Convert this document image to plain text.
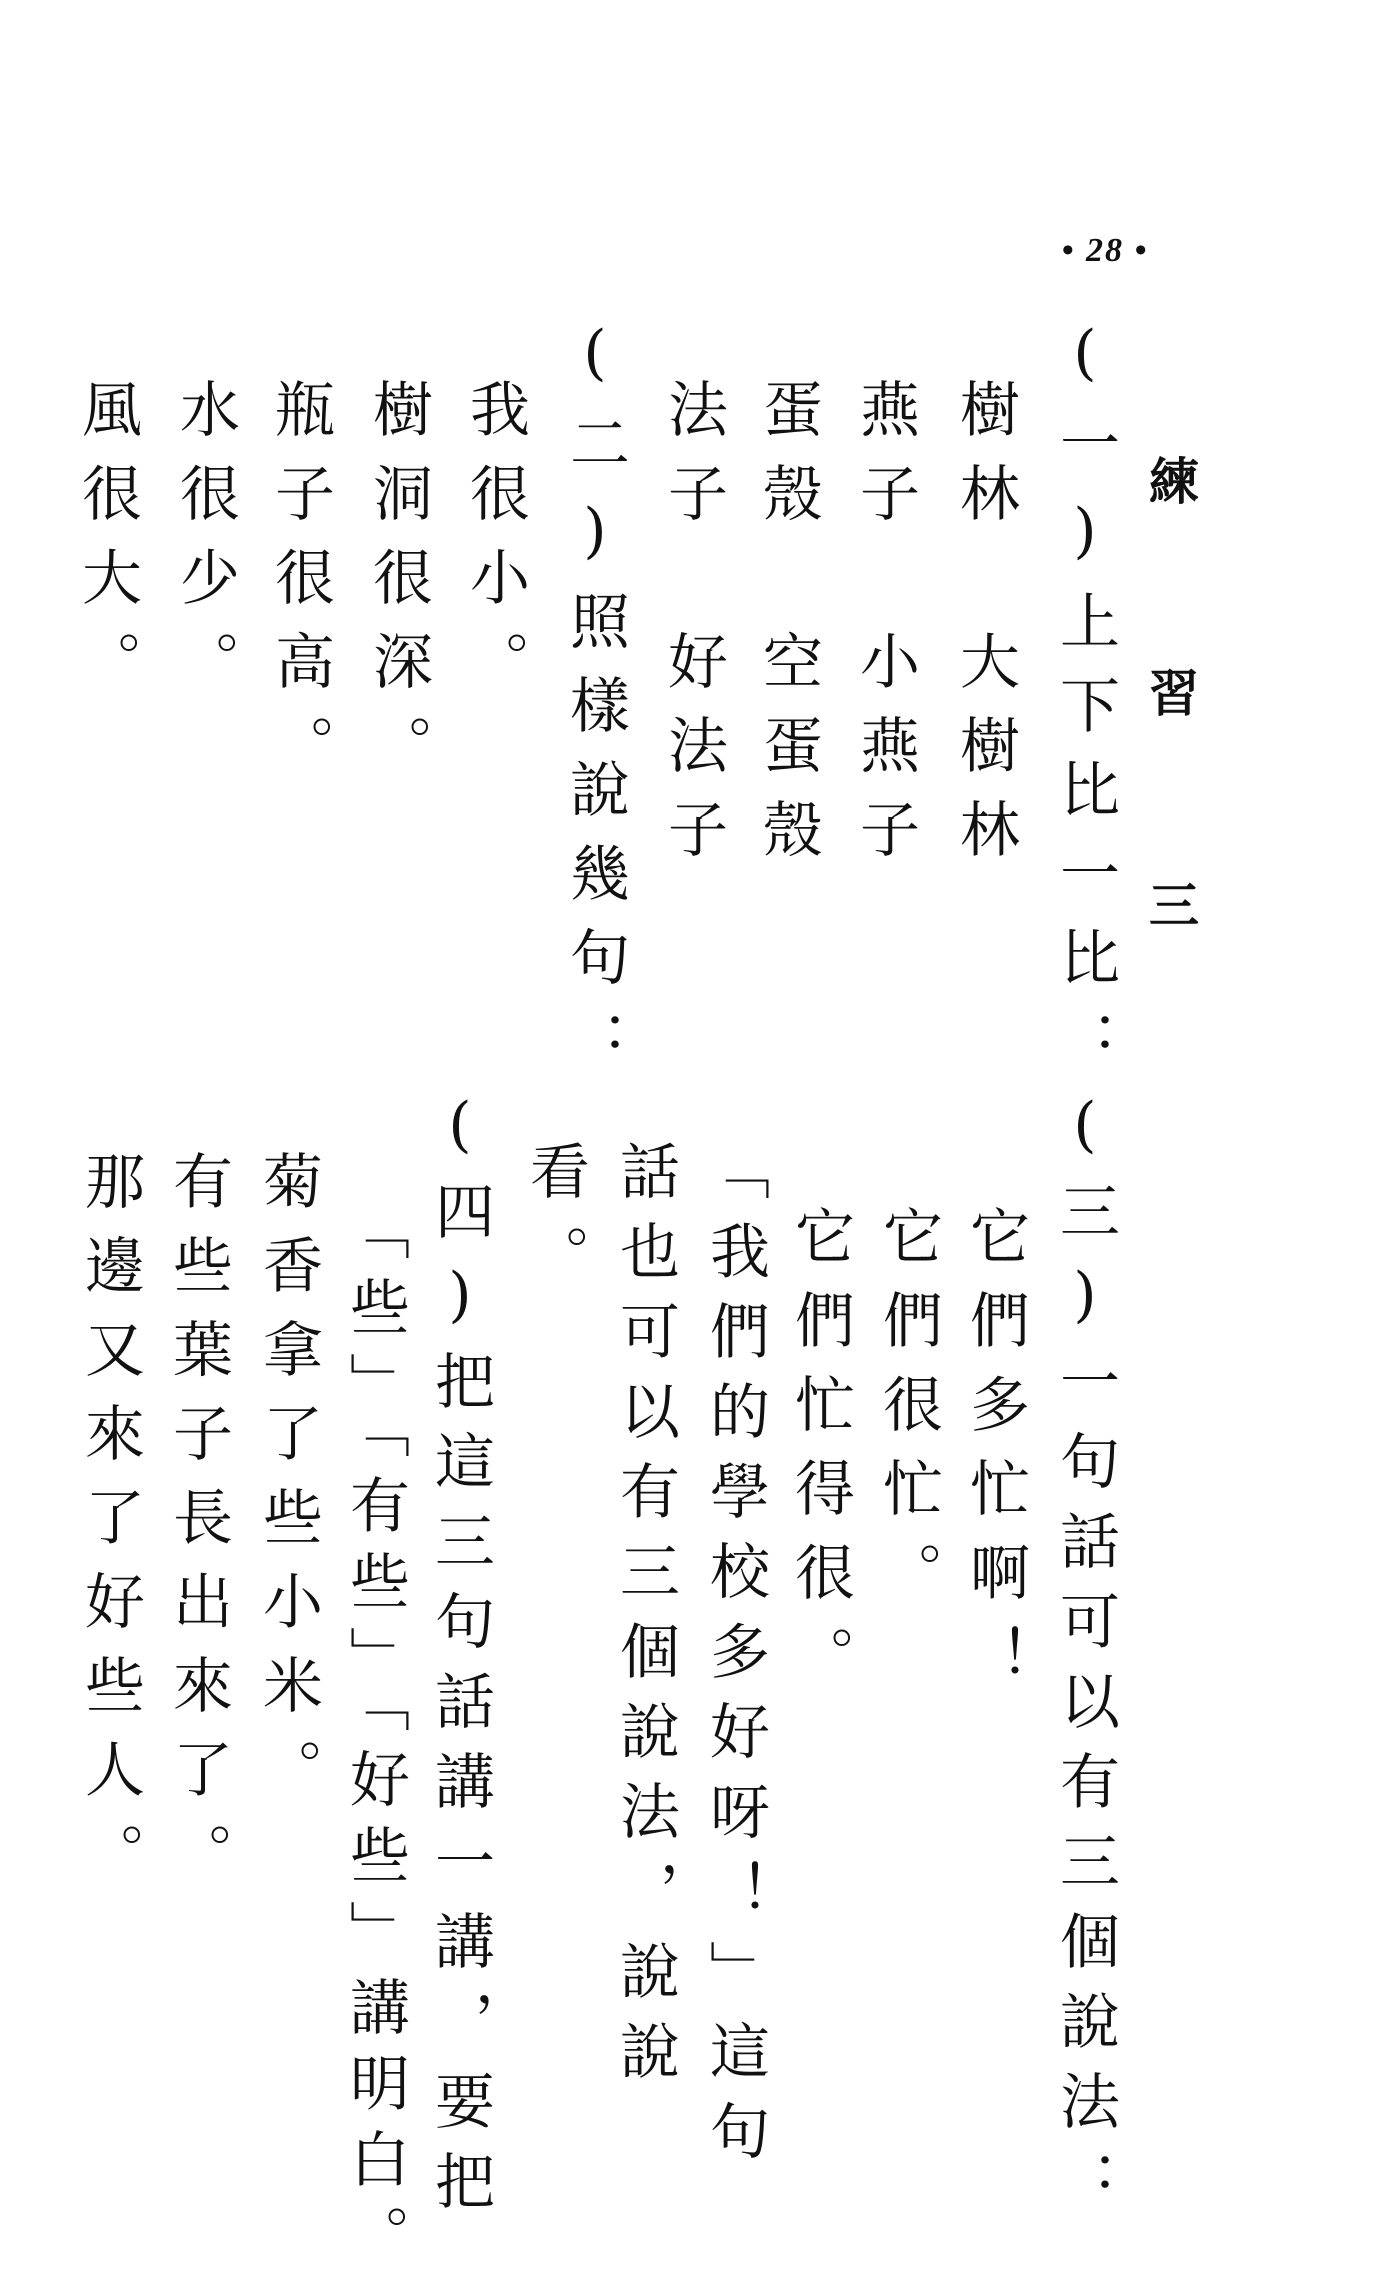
• 28 •
練 習 三
(一)上下比一比：
樹林　大樹林
燕子　小燕子
蛋殼　空蛋殼
法子　好法子
(二)照樣說幾句：
我很小。
樹洞很深。
瓶子很高。
水很少。
風很大。
(三)一句話可以有三個說法：
它們多忙啊！
它們很忙。
它們忙得很。
「我們的學校多好呀！」這句
話也可以有三個說法，說說
看。
(四)把這三句話講一講，要把
「些」「有些」「好些」講明白。
菊香拿了些小米。
有些葉子長出來了。
那邊又來了好些人。
